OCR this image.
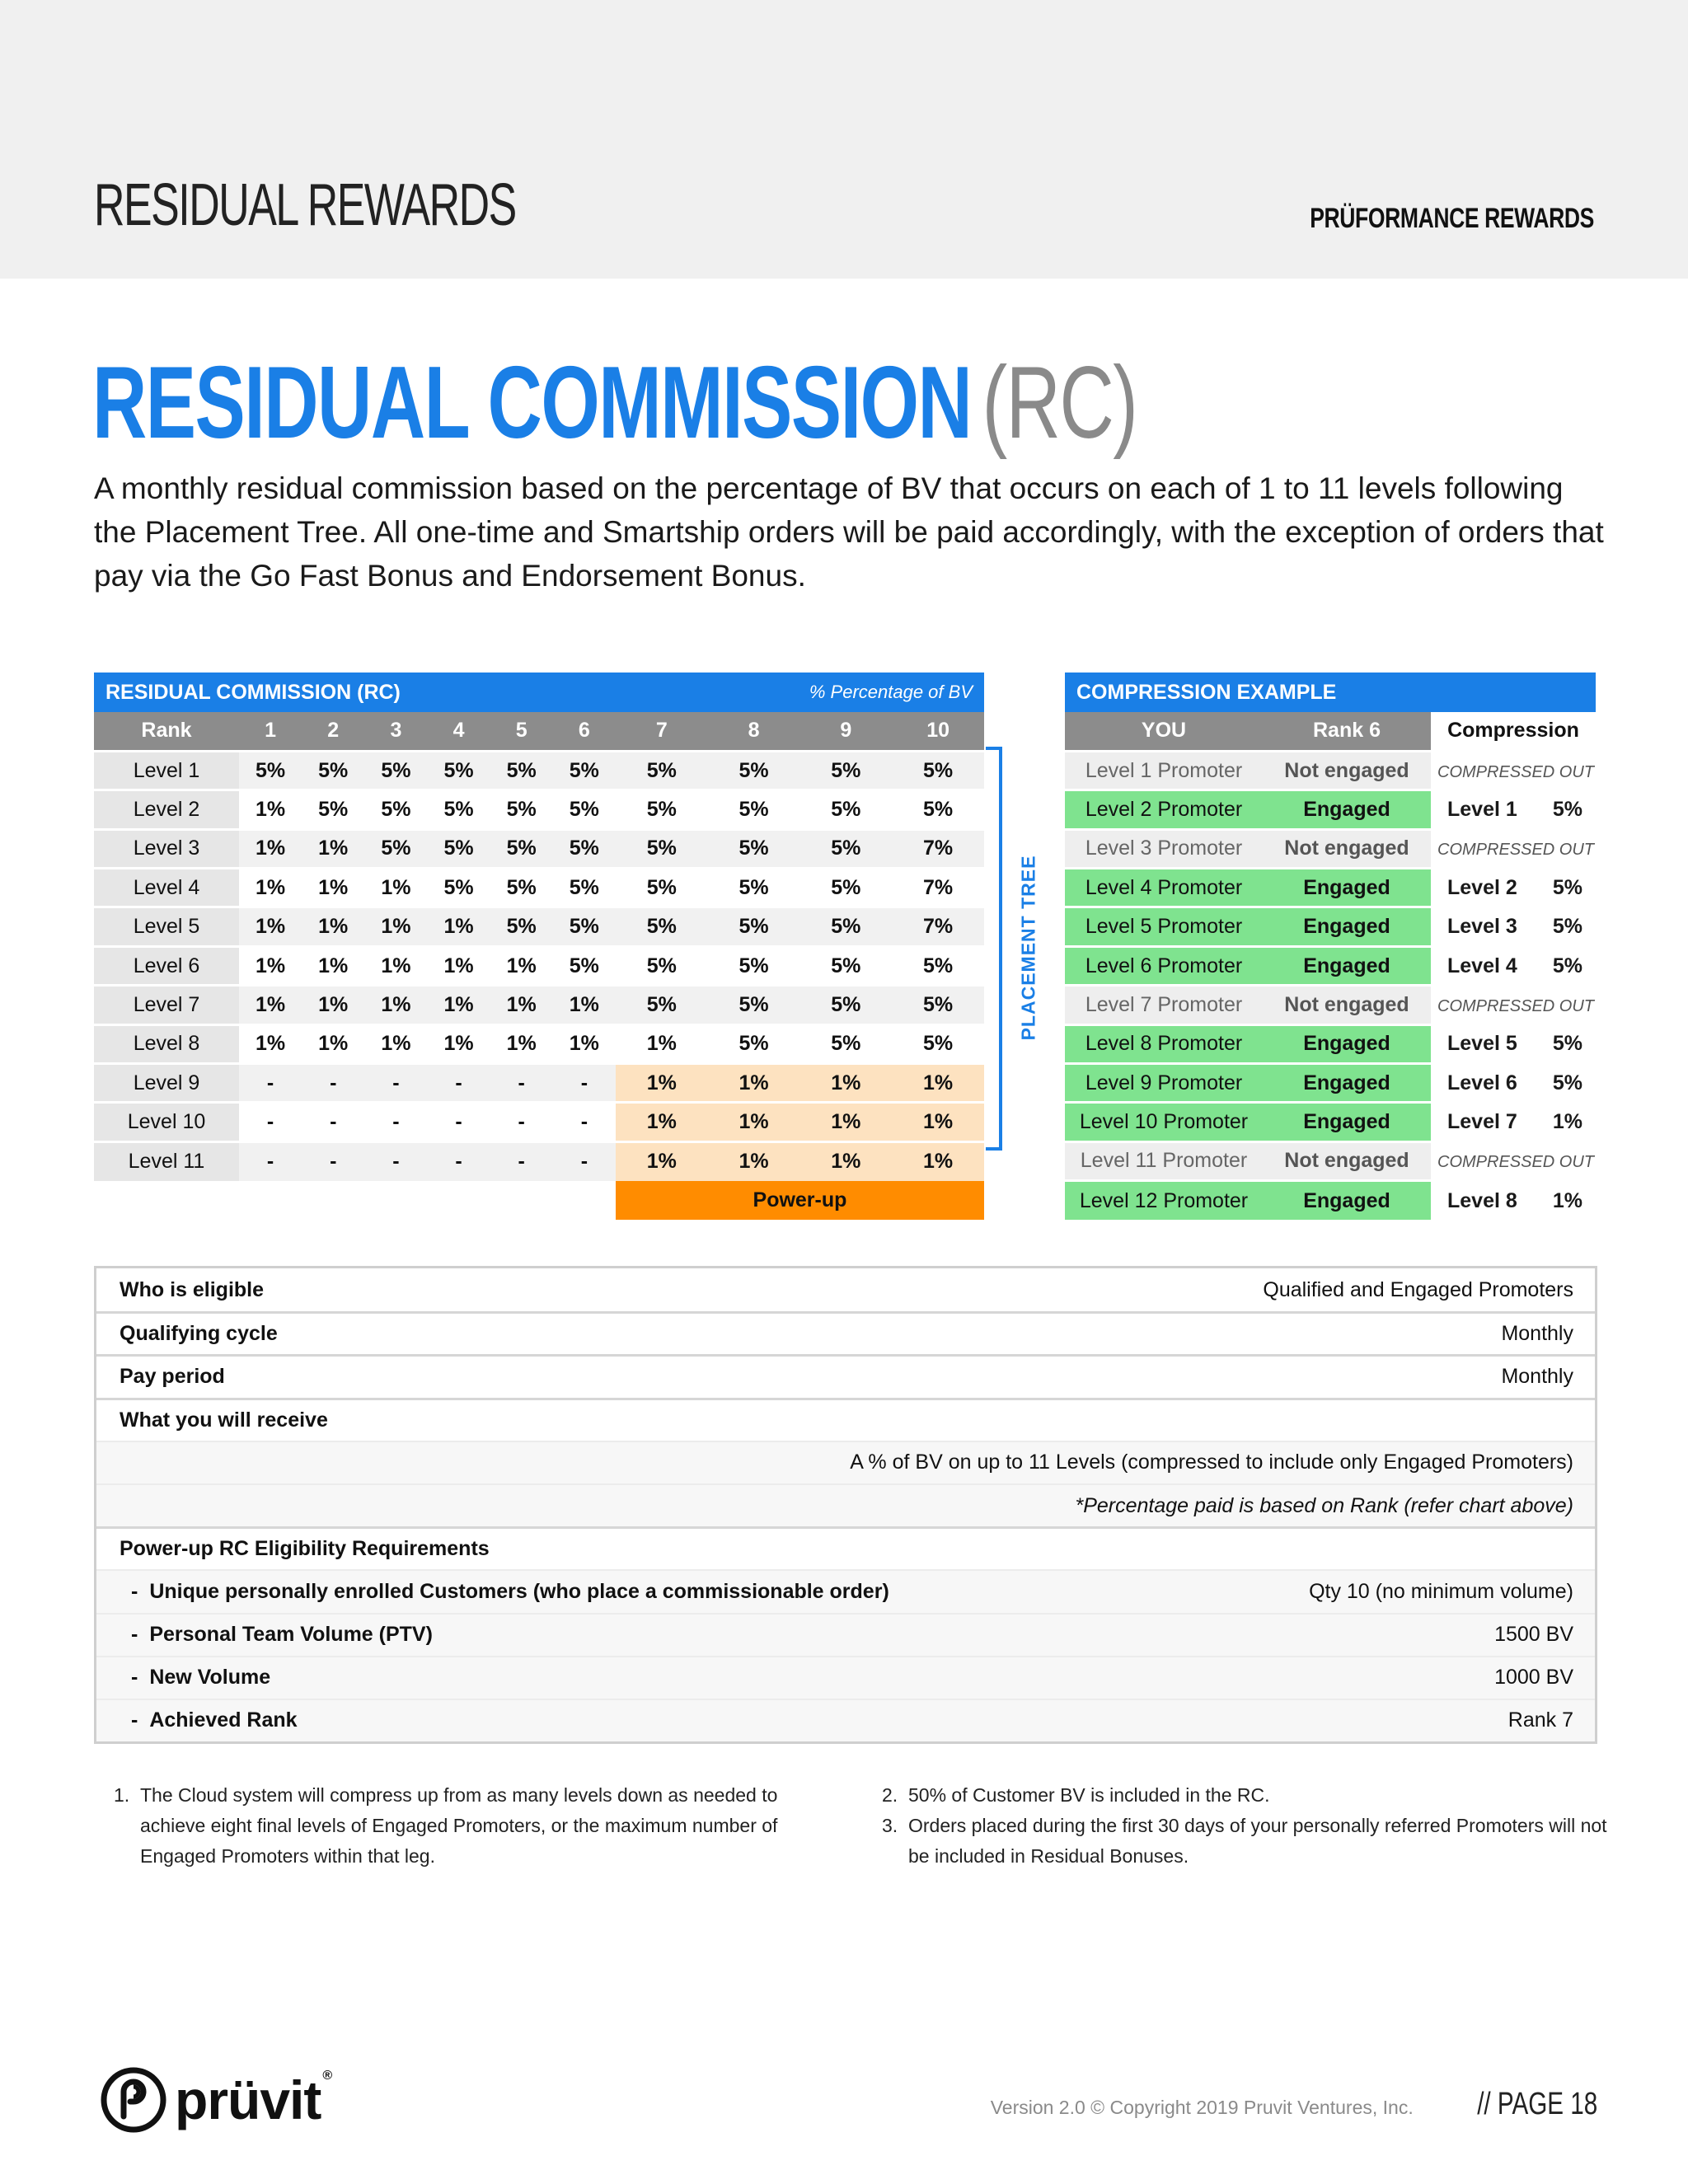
RESIDUAL REWARDS	PRÜFORMANCE REWARDS
RESIDUAL COMMISSION (RC)

A monthly residual commission based on the percentage of BV that occurs on each of 1 to 11 levels following the Placement Tree. All one-time and Smartship orders will be paid accordingly, with the exception of orders that pay via the Go Fast Bonus and Endorsement Bonus.

RESIDUAL COMMISSION (RC)							% Percentage of BV			
Rank	1	2	3	4	5	6	7	8	9	10
Level 1	5%	5%	5%	5%	5%	5%	5%	5%	5%	5%
Level 2	1%	5%	5%	5%	5%	5%	5%	5%	5%	5%
Level 3	1%	1%	5%	5%	5%	5%	5%	5%	5%	7%
Level 4	1%	1%	1%	5%	5%	5%	5%	5%	5%	7%
Level 5	1%	1%	1%	1%	5%	5%	5%	5%	5%	7%
Level 6	1%	1%	1%	1%	1%	5%	5%	5%	5%	5%
Level 7	1%	1%	1%	1%	1%	1%	5%	5%	5%	5%
Level 8	1%	1%	1%	1%	1%	1%	1%	5%	5%	5%
Level 9	-	-	-	-	-	-	1%	1%	1%	1%
Level 10	-	-	-	-	-	-	1%	1%	1%	1%
Level 11	-	-	-	-	-	-	1%	1%	1%	1%
							Power-up			
PLACEMENT TREE
COMPRESSION EXAMPLE		
YOU	Rank 6	Compression
Level 1 Promoter	Not engaged	COMPRESSED OUT
Level 2 Promoter	Engaged	Level 1 5%

Level 3 Promoter	Not engaged	COMPRESSED OUT
Level 4 Promoter	Engaged	Level 2 5%

Level 5 Promoter	Engaged	Level 3 5%

Level 6 Promoter	Engaged	Level 4 5%

Level 7 Promoter	Not engaged	COMPRESSED OUT
Level 8 Promoter	Engaged	Level 5 5%

Level 9 Promoter	Engaged	Level 6 5%

Level 10 Promoter	Engaged	Level 7 1%

Level 11 Promoter	Not engaged	COMPRESSED OUT
Level 12 Promoter	Engaged	Level 8 1%
Who is eligible	Qualified and Engaged Promoters
Qualifying cycle	Monthly
Pay period	Monthly
What you will receive
A % of BV on up to 11 Levels (compressed to include only Engaged Promoters)
*Percentage paid is based on Rank (refer chart above)
Power-up RC Eligibility Requirements
- Unique personally enrolled Customers (who place a commissionable order)	Qty 10 (no minimum volume)
- Personal Team Volume (PTV)	1500 BV
- New Volume	1000 BV
- Achieved Rank	Rank 7
1. The Cloud system will compress up from as many levels down as needed to achieve eight final levels of Engaged Promoters, or the maximum number of Engaged Promoters within that leg.
2. 50% of Customer BV is included in the RC.
3. Orders placed during the first 30 days of your personally referred Promoters will not be included in Residual Bonuses.
prüvit ®
Version 2.0 © Copyright 2019 Pruvit Ventures, Inc. // PAGE 18
